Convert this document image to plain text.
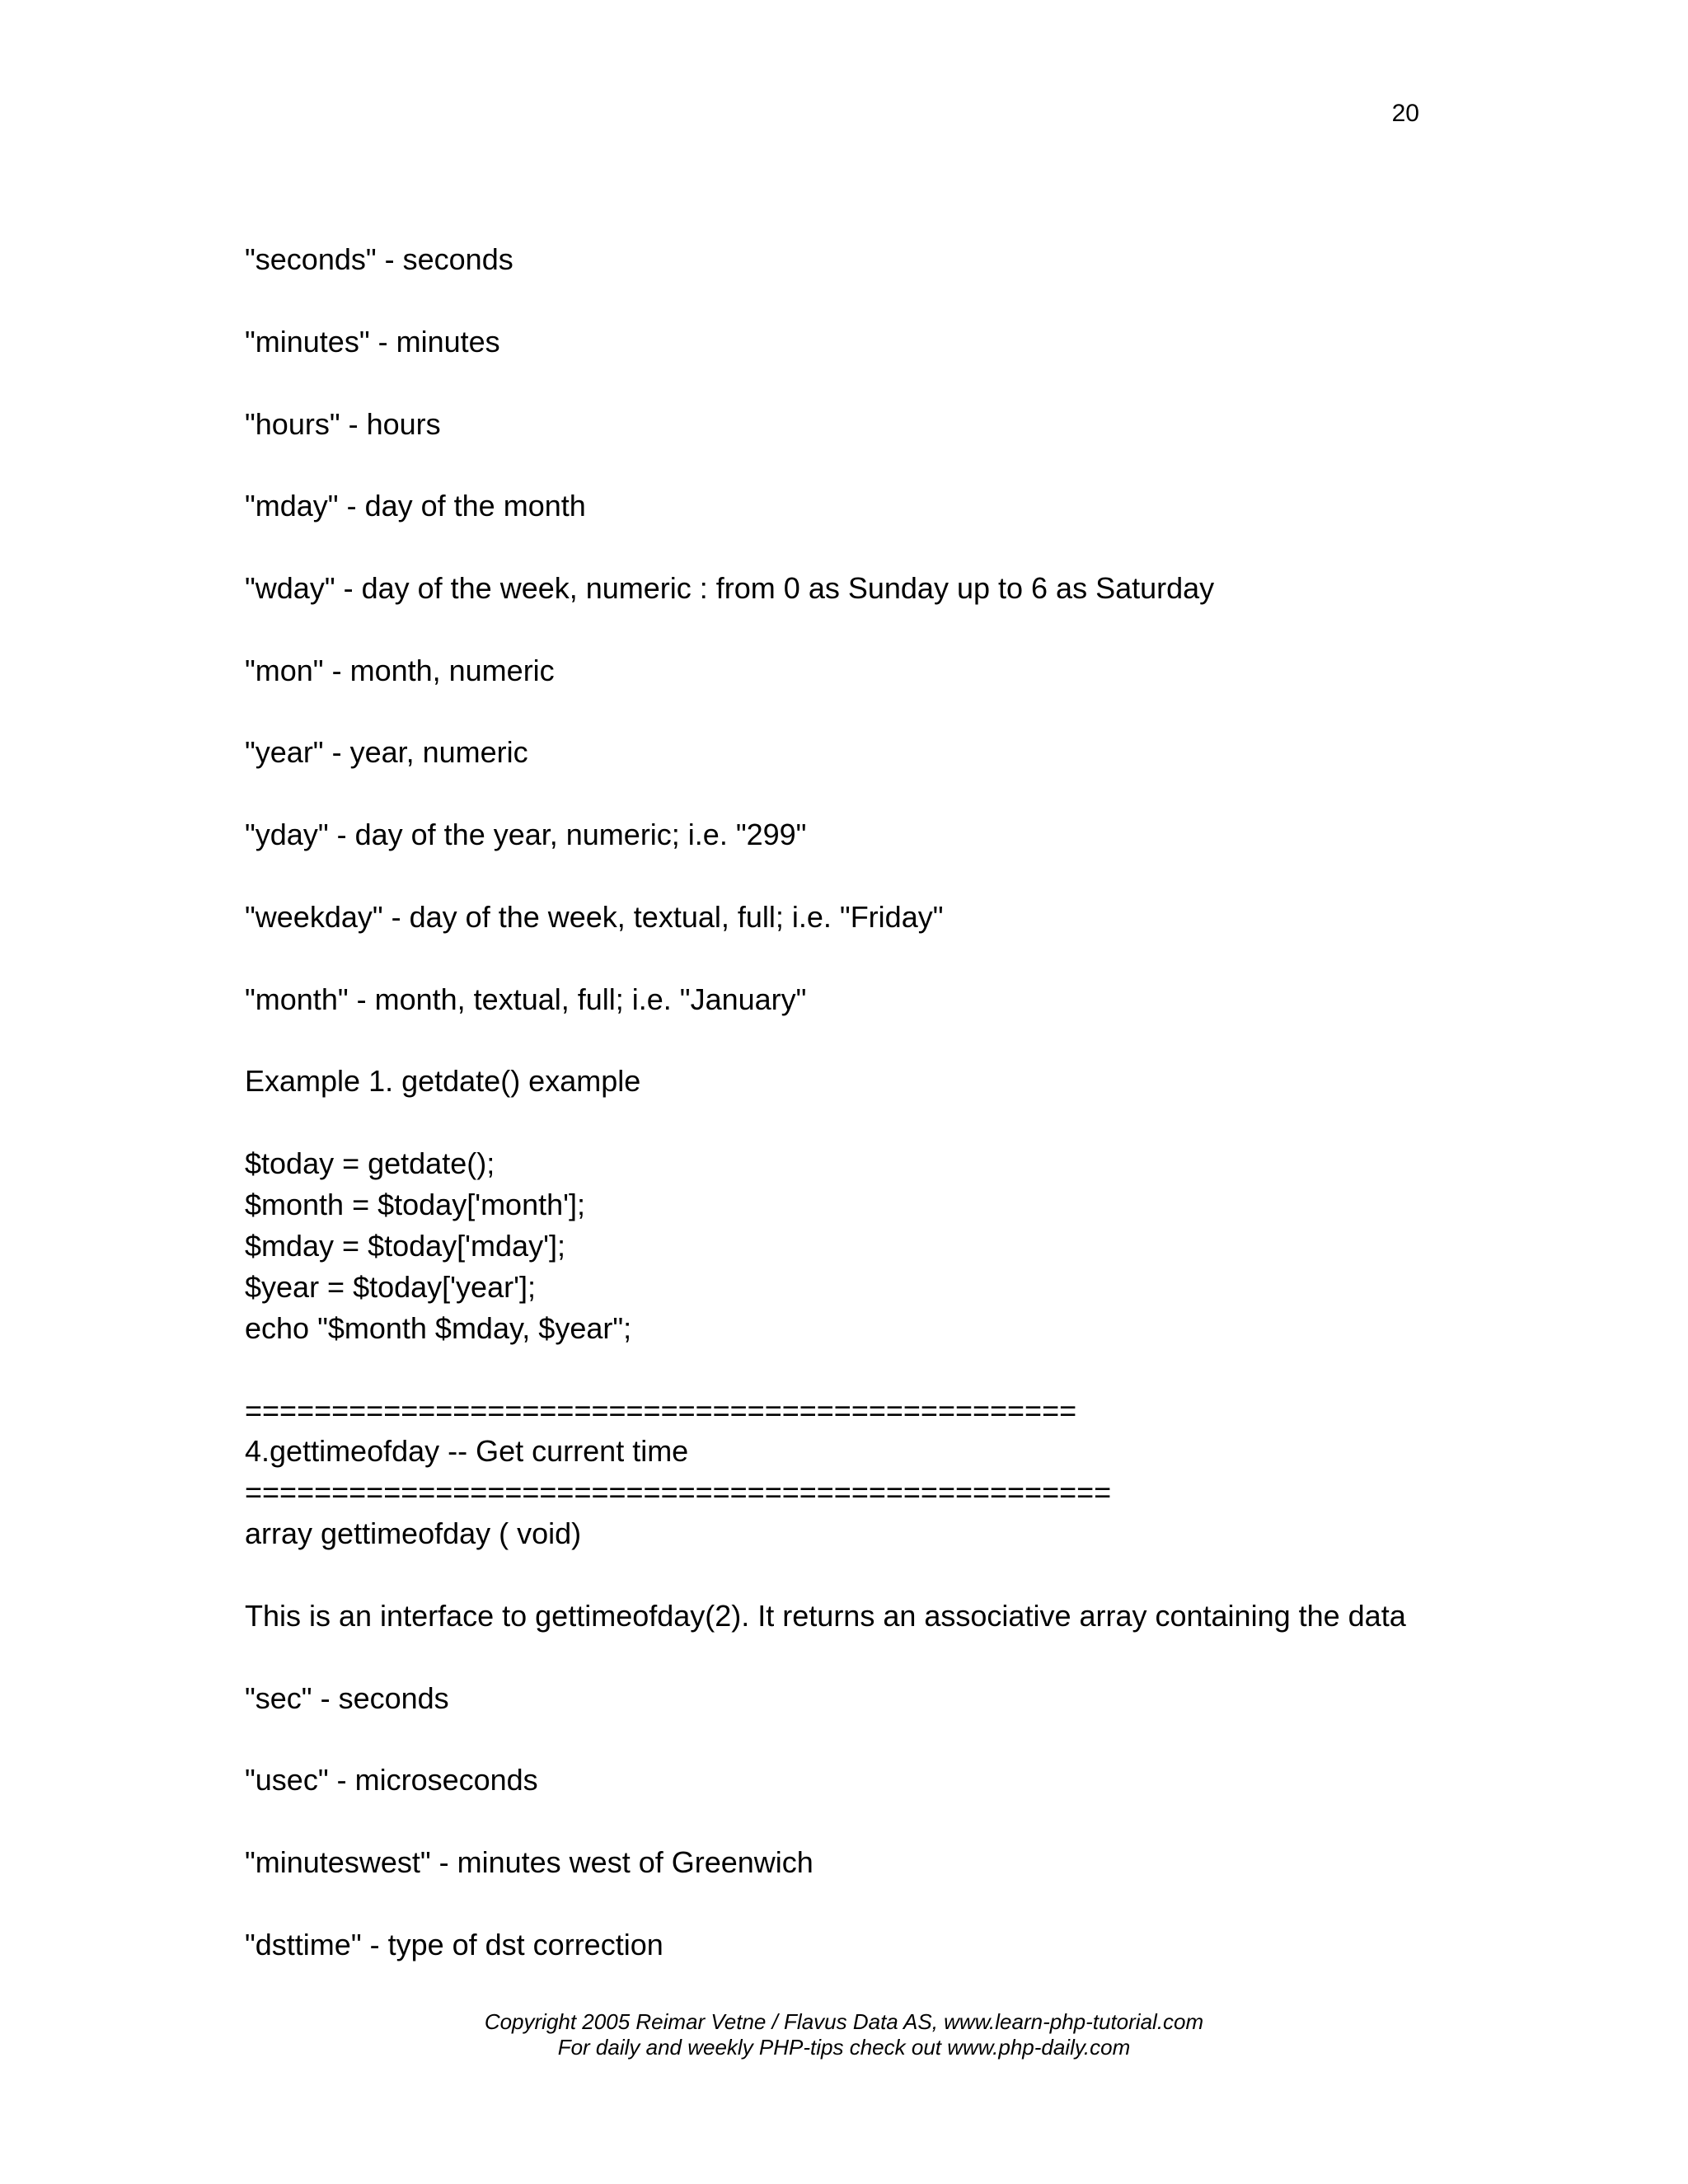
20
"seconds" - seconds
"minutes" - minutes
"hours" - hours
"mday" - day of the month
"wday" - day of the week, numeric : from 0 as Sunday up to 6 as Saturday
"mon" - month, numeric
"year" - year, numeric
"yday" - day of the year, numeric; i.e. "299"
"weekday" - day of the week, textual, full; i.e. "Friday"
"month" - month, textual, full; i.e. "January"
Example 1. getdate() example
$today = getdate();
$month = $today['month'];
$mday = $today['mday'];
$year = $today['year'];
echo "$month $mday, $year";
================================================
4.gettimeofday -- Get current time
==================================================
array gettimeofday ( void)
This is an interface to gettimeofday(2). It returns an associative array containing the data
"sec" - seconds
"usec" - microseconds
"minuteswest" - minutes west of Greenwich
"dsttime" - type of dst correction
Copyright 2005 Reimar Vetne / Flavus Data AS, www.learn-php-tutorial.com
For daily and weekly PHP-tips check out www.php-daily.com
